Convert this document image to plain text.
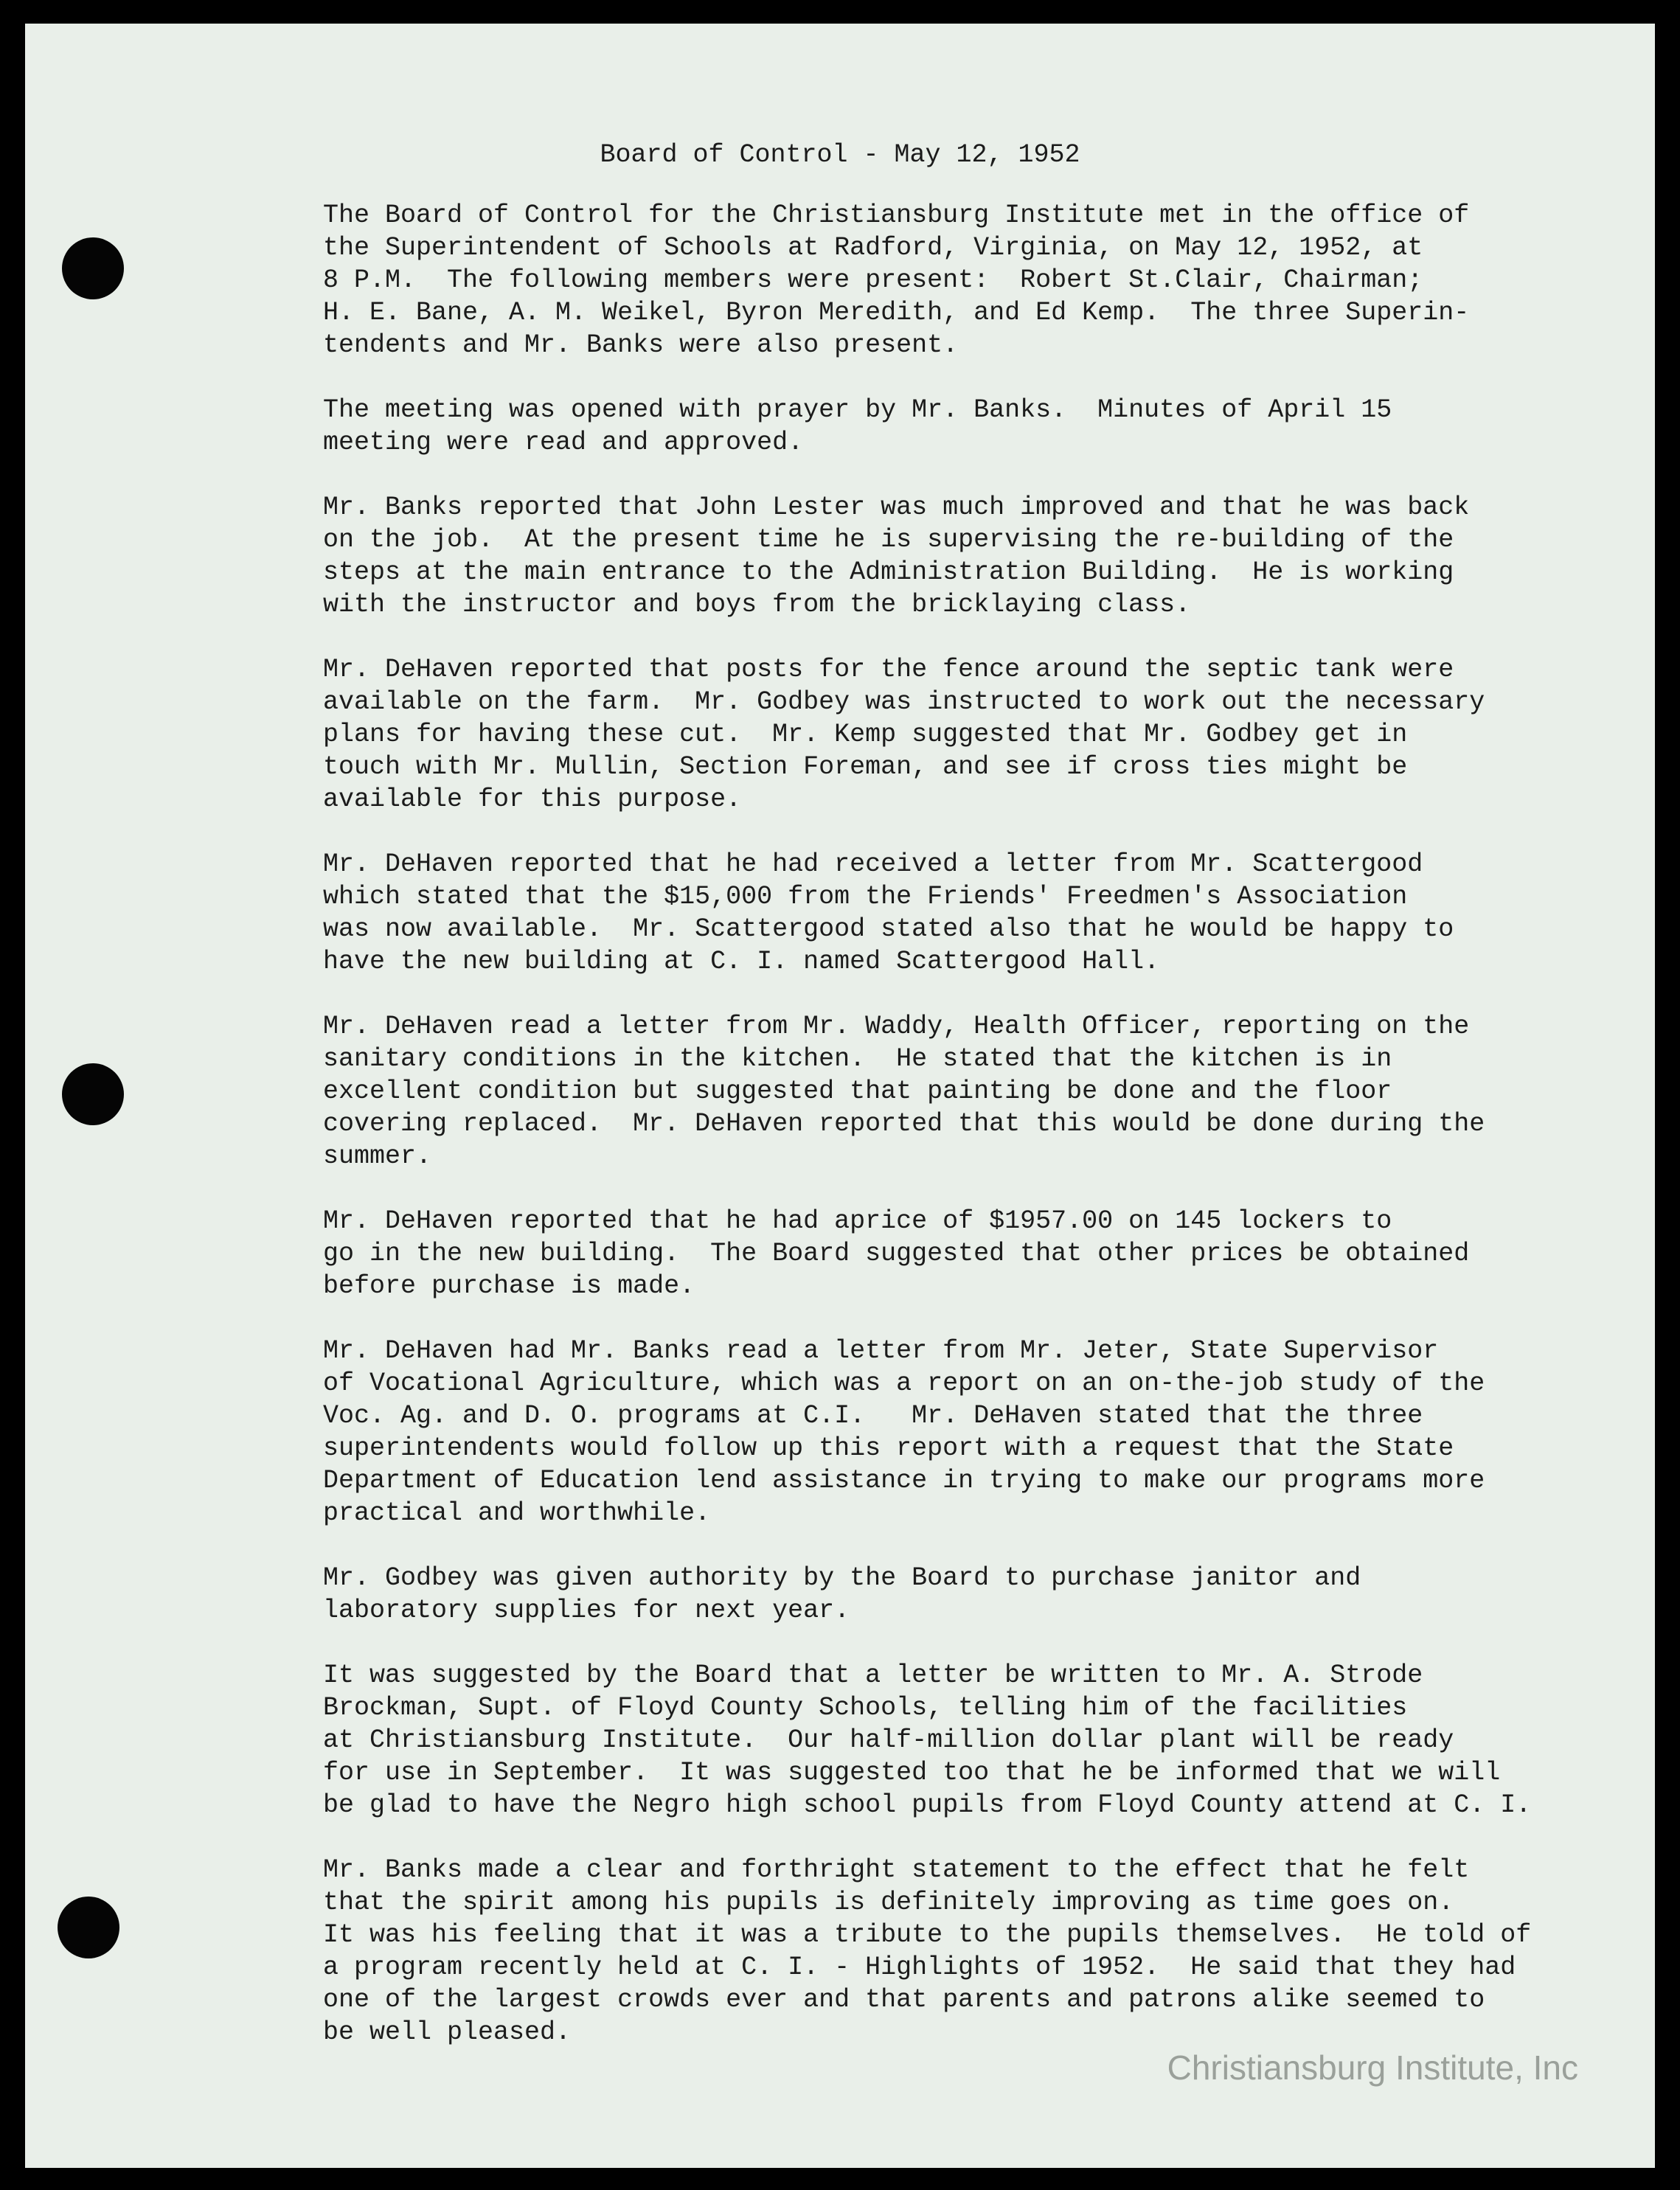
Board of Control - May 12, 1952

The Board of Control for the Christiansburg Institute met in the office of
the Superintendent of Schools at Radford, Virginia, on May 12, 1952, at
8 P.M.  The following members were present:  Robert St.Clair, Chairman;
H. E. Bane, A. M. Weikel, Byron Meredith, and Ed Kemp.  The three Superin-
tendents and Mr. Banks were also present.

The meeting was opened with prayer by Mr. Banks.  Minutes of April 15
meeting were read and approved.

Mr. Banks reported that John Lester was much improved and that he was back
on the job.  At the present time he is supervising the re-building of the
steps at the main entrance to the Administration Building.  He is working
with the instructor and boys from the bricklaying class.

Mr. DeHaven reported that posts for the fence around the septic tank were
available on the farm.  Mr. Godbey was instructed to work out the necessary
plans for having these cut.  Mr. Kemp suggested that Mr. Godbey get in
touch with Mr. Mullin, Section Foreman, and see if cross ties might be
available for this purpose.

Mr. DeHaven reported that he had received a letter from Mr. Scattergood
which stated that the $15,000 from the Friends' Freedmen's Association
was now available.  Mr. Scattergood stated also that he would be happy to
have the new building at C. I. named Scattergood Hall.

Mr. DeHaven read a letter from Mr. Waddy, Health Officer, reporting on the
sanitary conditions in the kitchen.  He stated that the kitchen is in
excellent condition but suggested that painting be done and the floor
covering replaced.  Mr. DeHaven reported that this would be done during the
summer.

Mr. DeHaven reported that he had aprice of $1957.00 on 145 lockers to
go in the new building.  The Board suggested that other prices be obtained
before purchase is made.

Mr. DeHaven had Mr. Banks read a letter from Mr. Jeter, State Supervisor
of Vocational Agriculture, which was a report on an on-the-job study of the
Voc. Ag. and D. O. programs at C.I.   Mr. DeHaven stated that the three
superintendents would follow up this report with a request that the State
Department of Education lend assistance in trying to make our programs more
practical and worthwhile.

Mr. Godbey was given authority by the Board to purchase janitor and
laboratory supplies for next year.

It was suggested by the Board that a letter be written to Mr. A. Strode
Brockman, Supt. of Floyd County Schools, telling him of the facilities
at Christiansburg Institute.  Our half-million dollar plant will be ready
for use in September.  It was suggested too that he be informed that we will
be glad to have the Negro high school pupils from Floyd County attend at C. I.

Mr. Banks made a clear and forthright statement to the effect that he felt
that the spirit among his pupils is definitely improving as time goes on.
It was his feeling that it was a tribute to the pupils themselves.  He told of
a program recently held at C. I. - Highlights of 1952.  He said that they had
one of the largest crowds ever and that parents and patrons alike seemed to
be well pleased.

Christiansburg Institute, Inc
